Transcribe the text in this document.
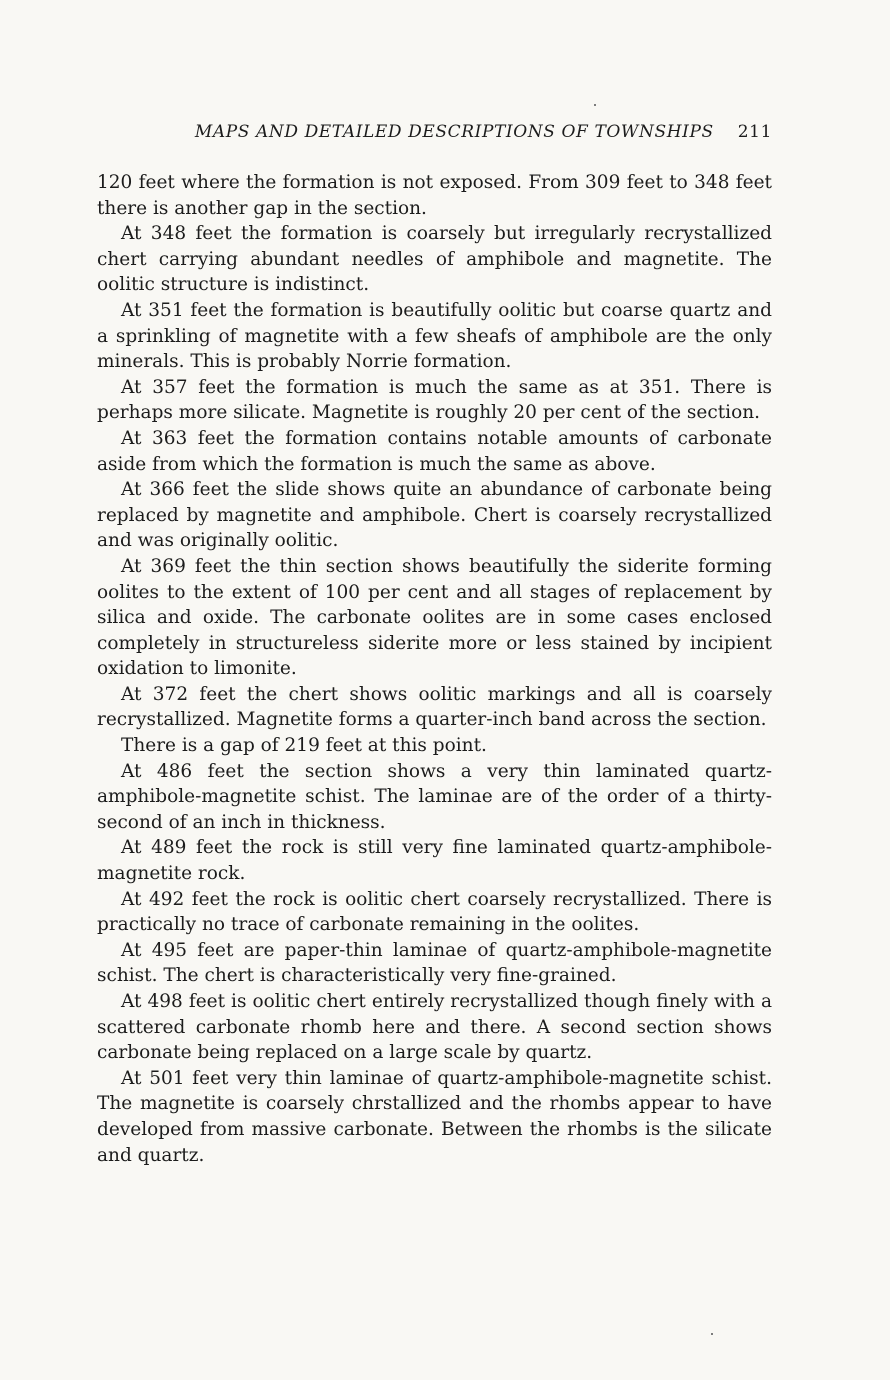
MAPS AND DETAILED DESCRIPTIONS OF TOWNSHIPS 211

120 feet where the formation is not exposed. From 309 feet to 348 feet there is another gap in the section.

At 348 feet the formation is coarsely but irregularly recrystallized chert carrying abundant needles of amphibole and magnetite. The oolitic structure is indistinct.

At 351 feet the formation is beautifully oolitic but coarse quartz and a sprinkling of magnetite with a few sheafs of amphibole are the only minerals. This is probably Norrie formation.

At 357 feet the formation is much the same as at 351. There is perhaps more silicate. Magnetite is roughly 20 per cent of the section.

At 363 feet the formation contains notable amounts of carbonate aside from which the formation is much the same as above.

At 366 feet the slide shows quite an abundance of carbonate being replaced by magnetite and amphibole. Chert is coarsely recrystallized and was originally oolitic.

At 369 feet the thin section shows beautifully the siderite forming oolites to the extent of 100 per cent and all stages of replacement by silica and oxide. The carbonate oolites are in some cases enclosed completely in structureless siderite more or less stained by incipient oxidation to limonite.

At 372 feet the chert shows oolitic markings and all is coarsely recrystallized. Magnetite forms a quarter-inch band across the section.

There is a gap of 219 feet at this point.

At 486 feet the section shows a very thin laminated quartz-amphibole-magnetite schist. The laminae are of the order of a thirty-second of an inch in thickness.

At 489 feet the rock is still very fine laminated quartz-amphibole-magnetite rock.

At 492 feet the rock is oolitic chert coarsely recrystallized. There is practically no trace of carbonate remaining in the oolites.

At 495 feet are paper-thin laminae of quartz-amphibole-magnetite schist. The chert is characteristically very fine-grained.

At 498 feet is oolitic chert entirely recrystallized though finely with a scattered carbonate rhomb here and there. A second section shows carbonate being replaced on a large scale by quartz.

At 501 feet very thin laminae of quartz-amphibole-magnetite schist. The magnetite is coarsely chrstallized and the rhombs appear to have developed from massive carbonate. Between the rhombs is the silicate and quartz.
